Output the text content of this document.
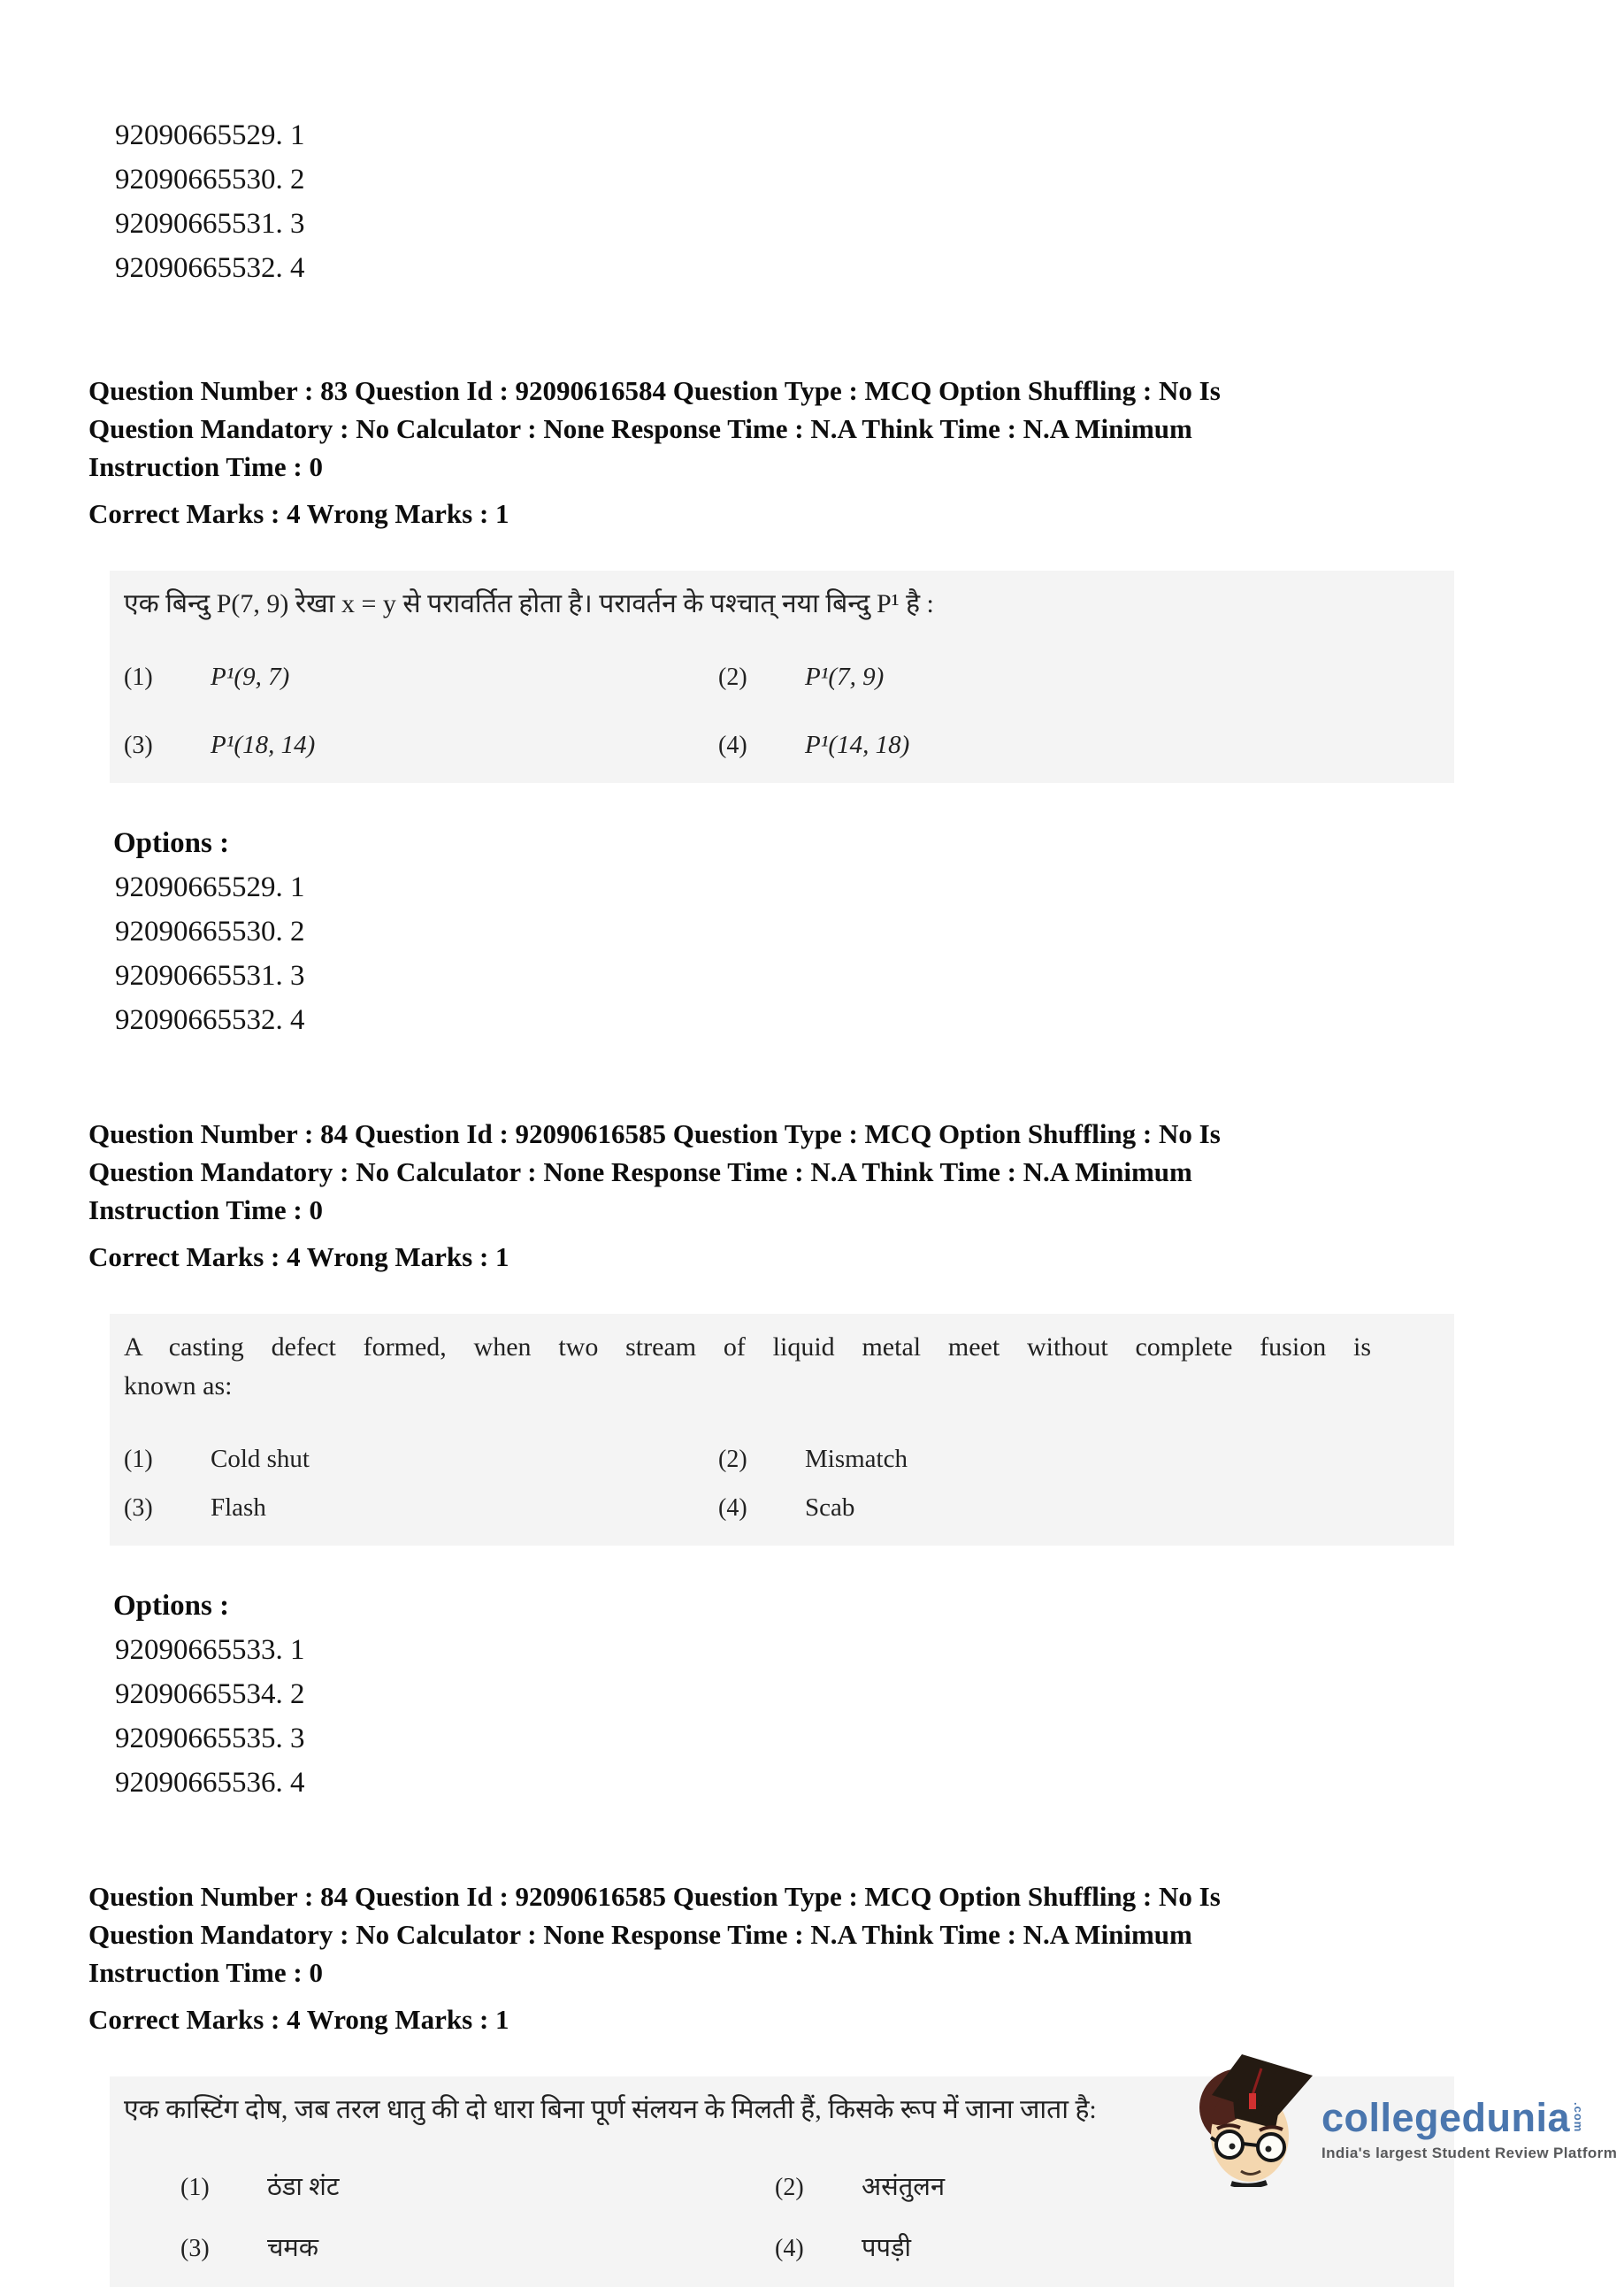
92090665529. 1
92090665530. 2
92090665531. 3
92090665532. 4
Question Number : 83 Question Id : 92090616584 Question Type : MCQ Option Shuffling : No Is
Question Mandatory : No Calculator : None Response Time : N.A Think Time : N.A Minimum
Instruction Time : 0
Correct Marks : 4 Wrong Marks : 1

एक बिन्दु P(7, 9) रेखा x = y से परावर्तित होता है। परावर्तन के पश्चात् नया बिन्दु P¹ है :

(1)	P¹(9, 7)	(2)	P¹(7, 9)
(3)	P¹(18, 14)	(4)	P¹(14, 18)
Options :
92090665529. 1
92090665530. 2
92090665531. 3
92090665532. 4
Question Number : 84 Question Id : 92090616585 Question Type : MCQ Option Shuffling : No Is
Question Mandatory : No Calculator : None Response Time : N.A Think Time : N.A Minimum
Instruction Time : 0
Correct Marks : 4 Wrong Marks : 1

A casting defect formed, when two stream of liquid metal meet without complete fusion is

known as:

(1)	Cold shut	(2)	Mismatch
(3)	Flash	(4)	Scab
Options :
92090665533. 1
92090665534. 2
92090665535. 3
92090665536. 4
Question Number : 84 Question Id : 92090616585 Question Type : MCQ Option Shuffling : No Is
Question Mandatory : No Calculator : None Response Time : N.A Think Time : N.A Minimum
Instruction Time : 0
Correct Marks : 4 Wrong Marks : 1

एक कास्टिंग दोष, जब तरल धातु की दो धारा बिना पूर्ण संलयन के मिलती हैं, किसके रूप में जाना जाता है:

(1)	ठंडा शंट	(2)	असंतुलन
(3)	चमक	(4)	पपड़ी
collegedunia .com
India's largest Student Review Platform
